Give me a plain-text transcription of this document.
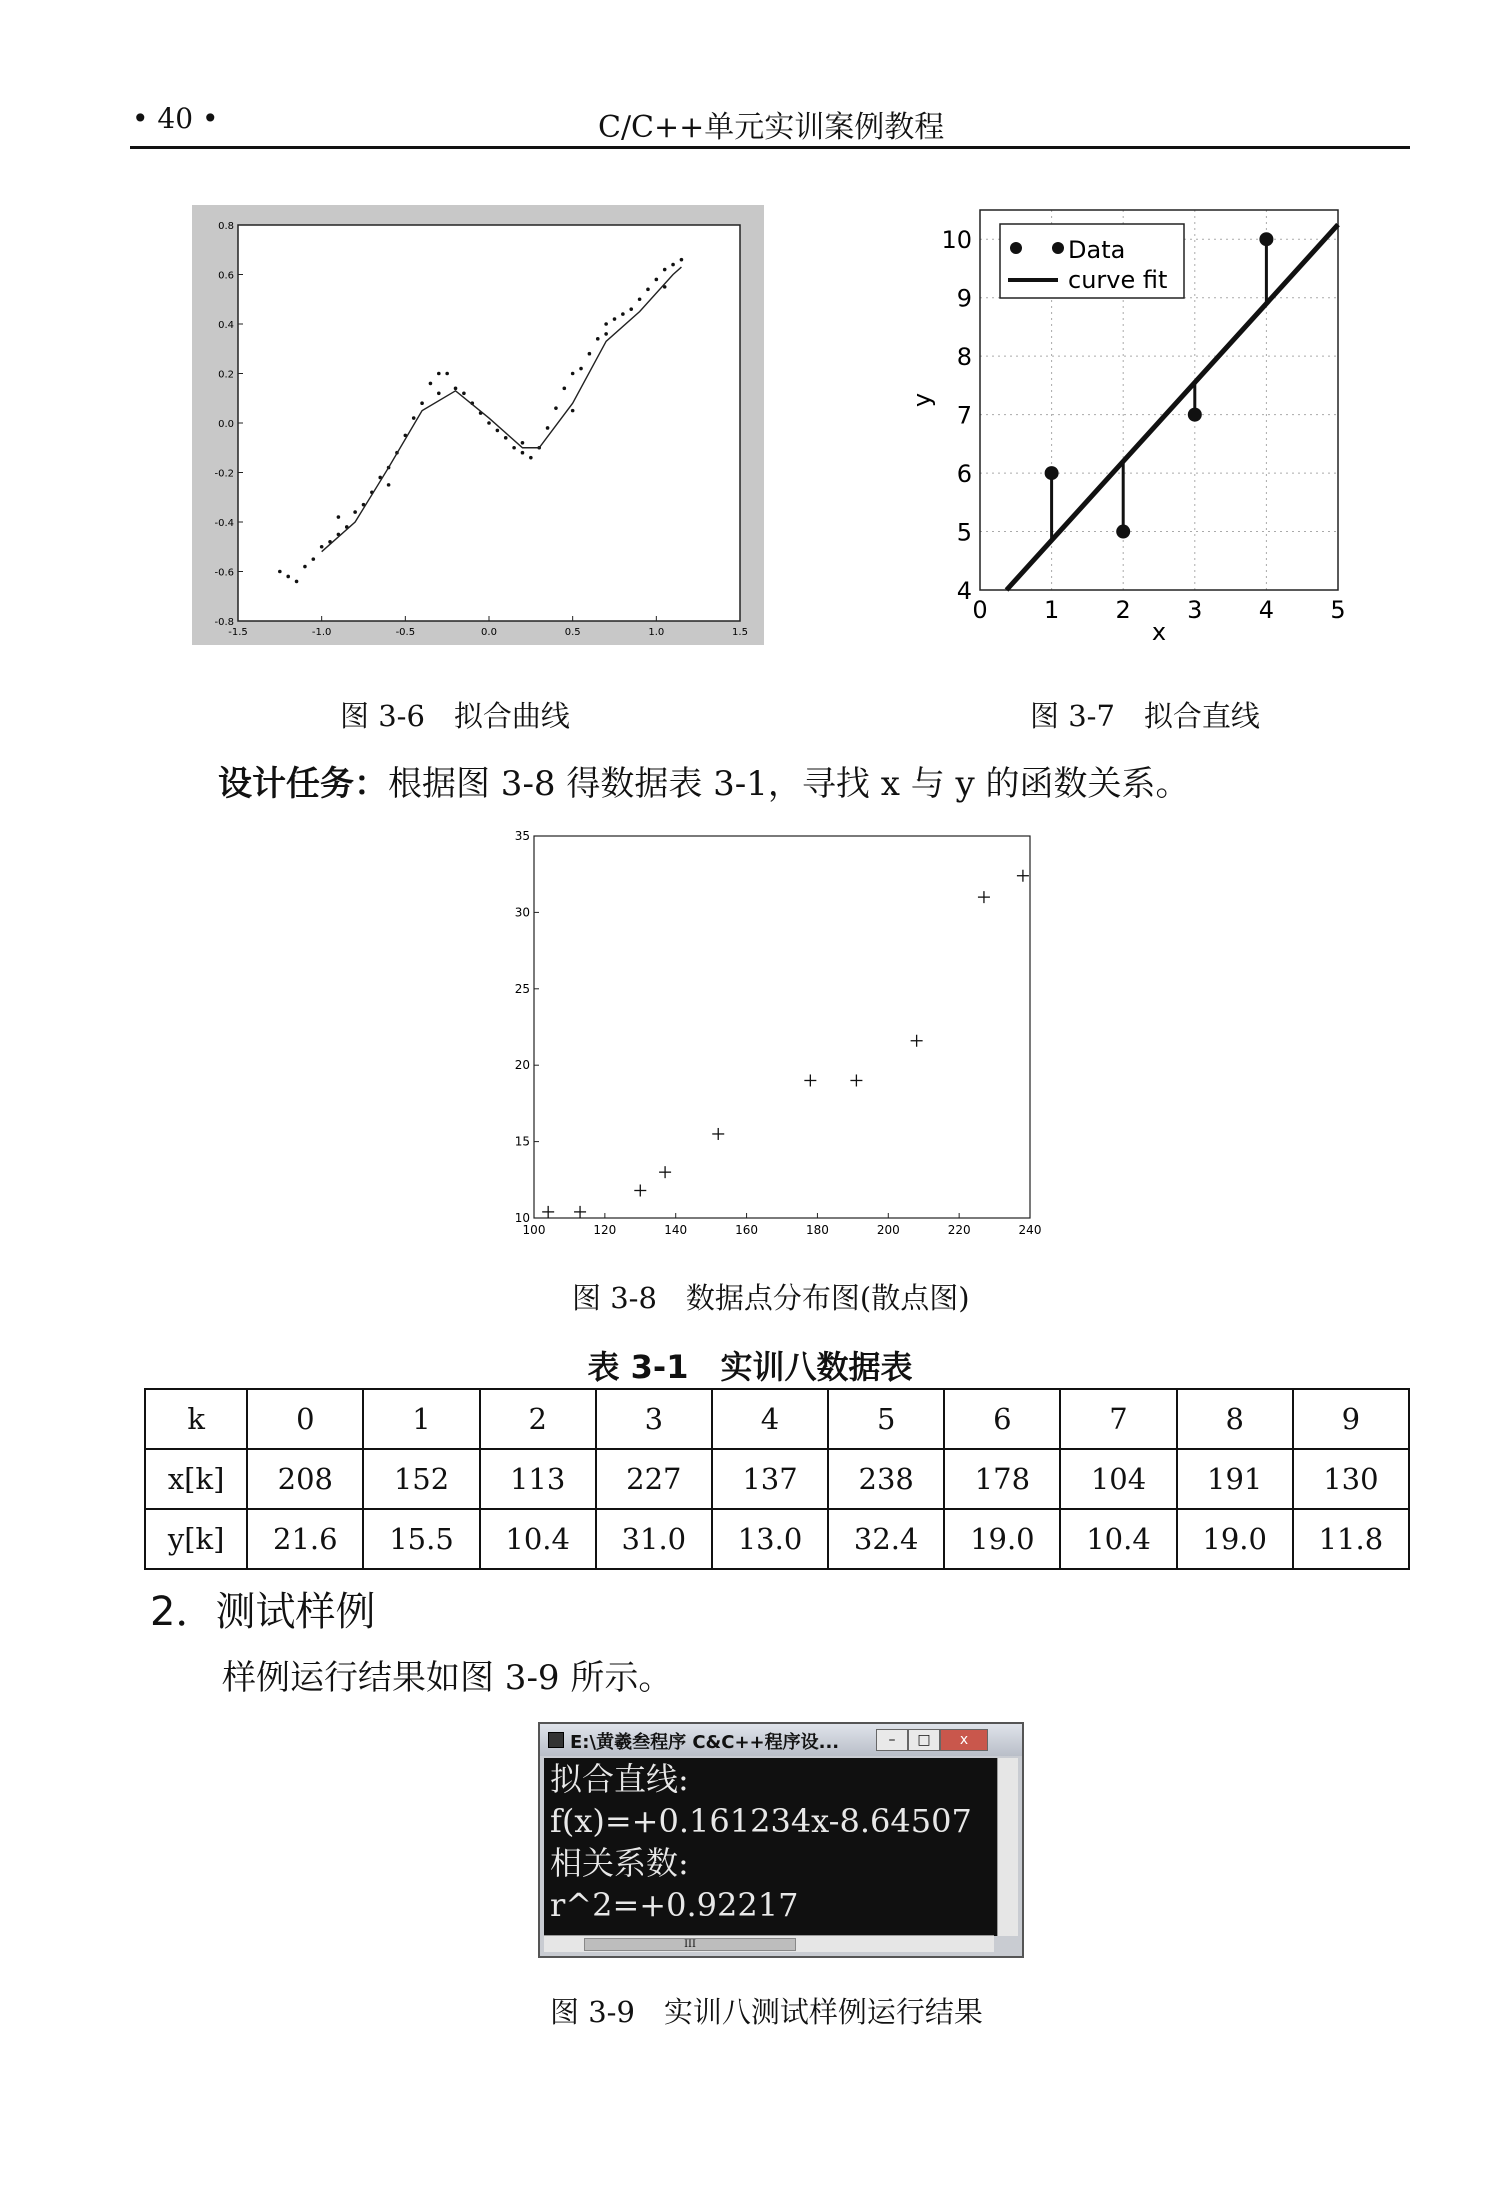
• 40 •	C/C++单元实训案例教程
-1.5	-1.0	-0.5	0.0	0.5	1.0	1.5
-0.8
-0.6
-0.4
-0.2
0.0
0.2
0.4
0.6
0.8
图 3-6　拟合曲线
0 1 2 3 4 5
4
5
6
7
8
9
10	Data
curve fit
x
y
图 3-7　拟合直线
设计任务：根据图 3-8 得数据表 3-1，寻找 x 与 y 的函数关系。
100	120	140	160	180	200	220	240
10
15
20
25
30
35
图 3-8　数据点分布图(散点图)
表 3-1　实训八数据表
k	0	1	2	3	4	5	6	7	8	9
x[k]	208	152	113	227	137	238	178	104	191	130
y[k]	21.6	15.5	10.4	31.0	13.0	32.4	19.0	10.4	19.0	11.8
2．测试样例
样例运行结果如图 3-9 所示。
E:\黄羲叁程序 C&C++程序设...	–	□	x
拟合直线:
f(x)=+0.161234x-8.64507
相关系数:
r^2=+0.92217
III
图 3-9　实训八测试样例运行结果
